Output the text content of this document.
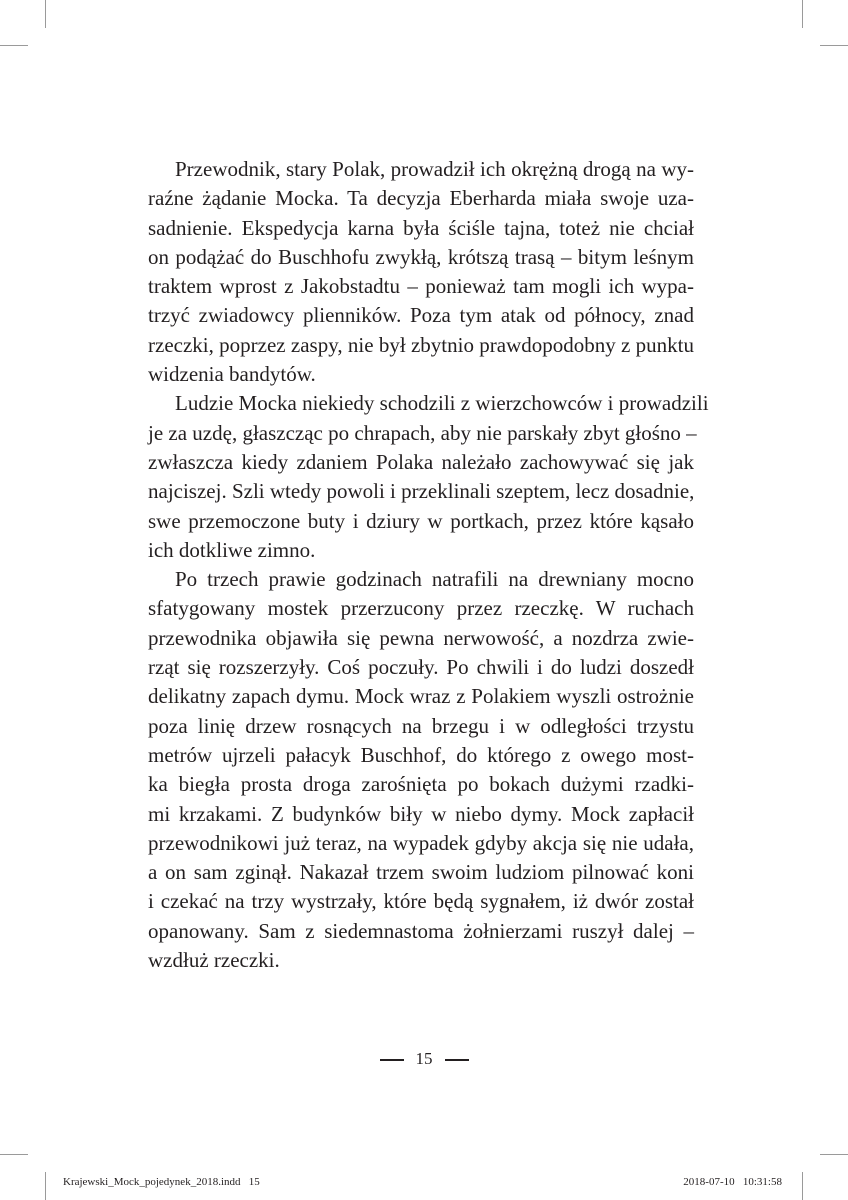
Przewodnik, stary Polak, prowadził ich okrężną drogą na wy-
raźne żądanie Mocka. Ta decyzja Eberharda miała swoje uza-
sadnienie. Ekspedycja karna była ściśle tajna, toteż nie chciał
on podążać do Buschhofu zwykłą, krótszą trasą – bitym leśnym
traktem wprost z Jakobstadtu – ponieważ tam mogli ich wypa-
trzyć zwiadowcy plienników. Poza tym atak od północy, znad
rzeczki, poprzez zaspy, nie był zbytnio prawdopodobny z punktu
widzenia bandytów.
Ludzie Mocka niekiedy schodzili z wierzchowców i prowadzili
je za uzdę, głaszcząc po chrapach, aby nie parskały zbyt głośno –
zwłaszcza kiedy zdaniem Polaka należało zachowywać się jak
najciszej. Szli wtedy powoli i przeklinali szeptem, lecz dosadnie,
swe przemoczone buty i dziury w portkach, przez które kąsało
ich dotkliwe zimno.
Po trzech prawie godzinach natrafili na drewniany mocno
sfatygowany mostek przerzucony przez rzeczkę. W ruchach
przewodnika objawiła się pewna nerwowość, a nozdrza zwie-
rząt się rozszerzyły. Coś poczuły. Po chwili i do ludzi doszedł
delikatny zapach dymu. Mock wraz z Polakiem wyszli ostrożnie
poza linię drzew rosnących na brzegu i w odległości trzystu
metrów ujrzeli pałacyk Buschhof, do którego z owego most-
ka biegła prosta droga zarośnięta po bokach dużymi rzadki-
mi krzakami. Z budynków biły w niebo dymy. Mock zapłacił
przewodnikowi już teraz, na wypadek gdyby akcja się nie udała,
a on sam zginął. Nakazał trzem swoim ludziom pilnować koni
i czekać na trzy wystrzały, które będą sygnałem, iż dwór został
opanowany. Sam z siedemnastoma żołnierzami ruszył dalej –
wzdłuż rzeczki.
15
Krajewski_Mock_pojedynek_2018.indd   15	2018-07-10   10:31:58
